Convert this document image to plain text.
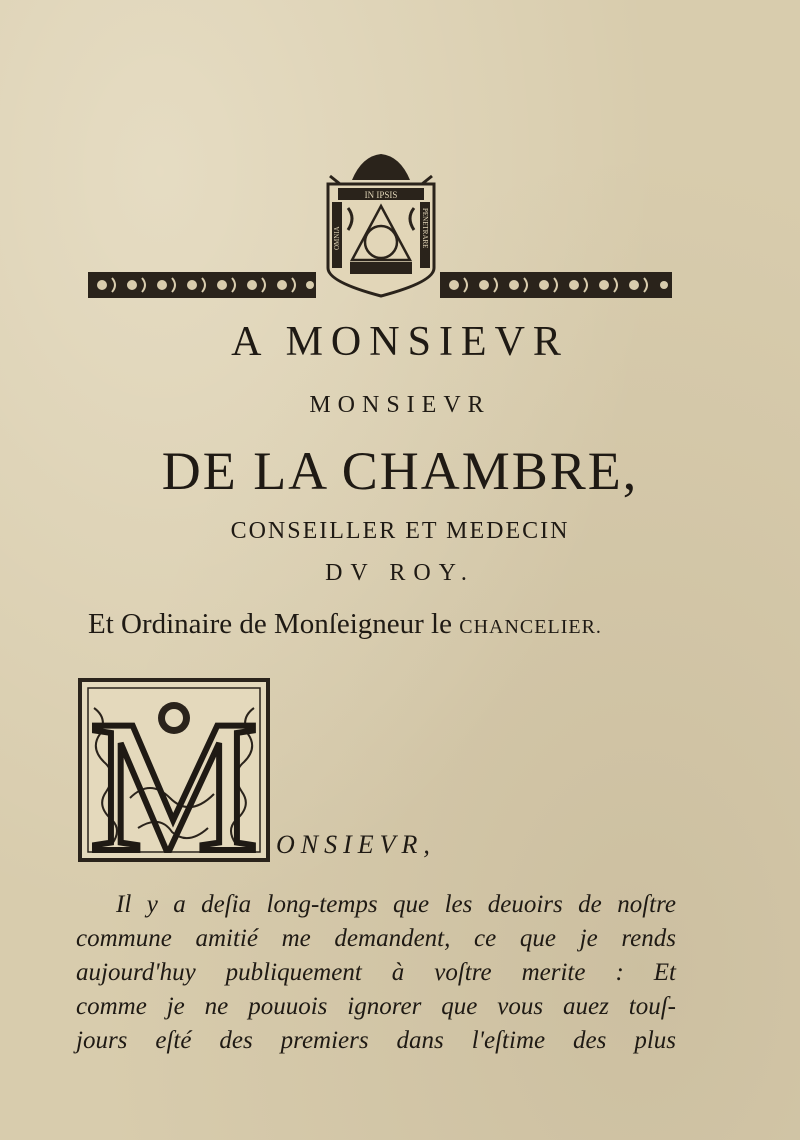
IN IPSIS
OMNIA	PENETRARE
A MONSIEVR
MONSIEVR
DE LA CHAMBRE,
CONSEILLER ET MEDECIN
DV ROY.
Et Ordinaire de Monſeigneur le CHANCELIER.
M ONSIEVR,
Il y a deſia long-temps que les deuoirs de noſtre
commune amitié me demandent, ce que je rends
aujourd'huy publiquement à voſtre merite : Et
comme je ne pouuois ignorer que vous auez touſ-
jours eſté des premiers dans l'eſtime des plus
